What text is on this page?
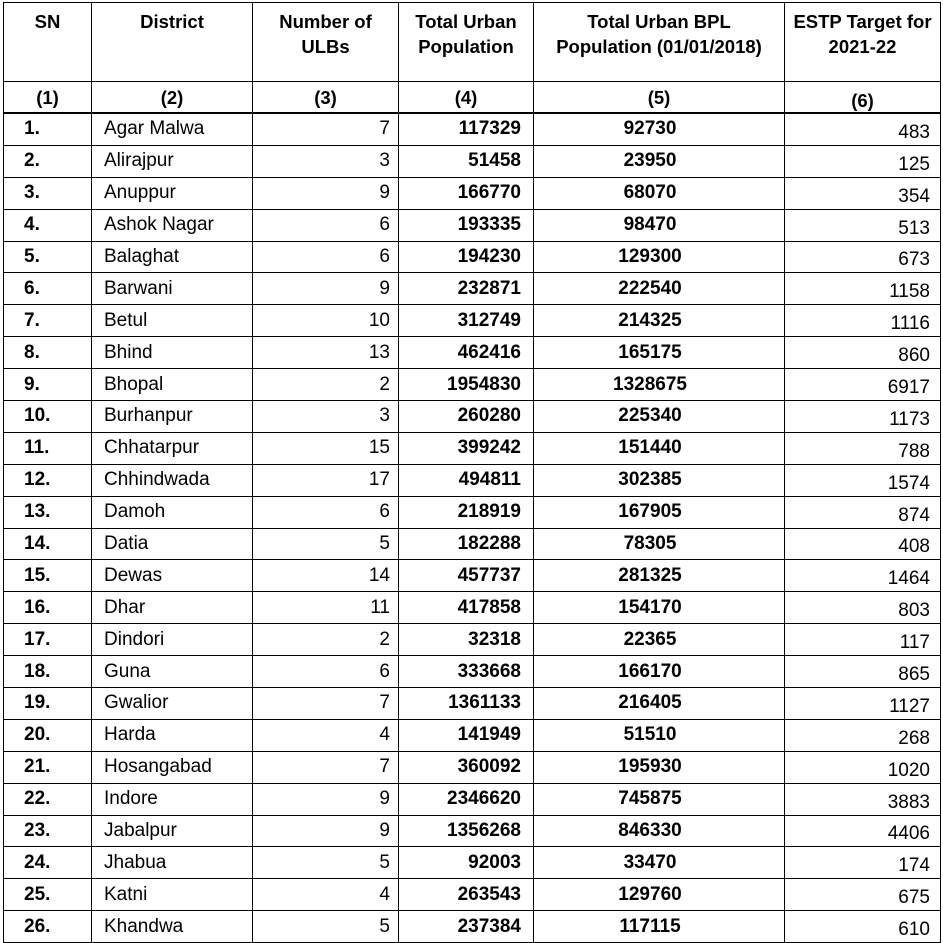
SN	District	Number of ULBs	Total Urban Population	Total Urban BPL Population (01/01/2018)	ESTP Target for 2021-22
(1)	(2)	(3)	(4)	(5)	(6)
1.	Agar Malwa	7	117329	92730	483
2.	Alirajpur	3	51458	23950	125
3.	Anuppur	9	166770	68070	354
4.	Ashok Nagar	6	193335	98470	513
5.	Balaghat	6	194230	129300	673
6.	Barwani	9	232871	222540	1158
7.	Betul	10	312749	214325	1116
8.	Bhind	13	462416	165175	860
9.	Bhopal	2	1954830	1328675	6917
10.	Burhanpur	3	260280	225340	1173
11.	Chhatarpur	15	399242	151440	788
12.	Chhindwada	17	494811	302385	1574
13.	Damoh	6	218919	167905	874
14.	Datia	5	182288	78305	408
15.	Dewas	14	457737	281325	1464
16.	Dhar	11	417858	154170	803
17.	Dindori	2	32318	22365	117
18.	Guna	6	333668	166170	865
19.	Gwalior	7	1361133	216405	1127
20.	Harda	4	141949	51510	268
21.	Hosangabad	7	360092	195930	1020
22.	Indore	9	2346620	745875	3883
23.	Jabalpur	9	1356268	846330	4406
24.	Jhabua	5	92003	33470	174
25.	Katni	4	263543	129760	675
26.	Khandwa	5	237384	117115	610
